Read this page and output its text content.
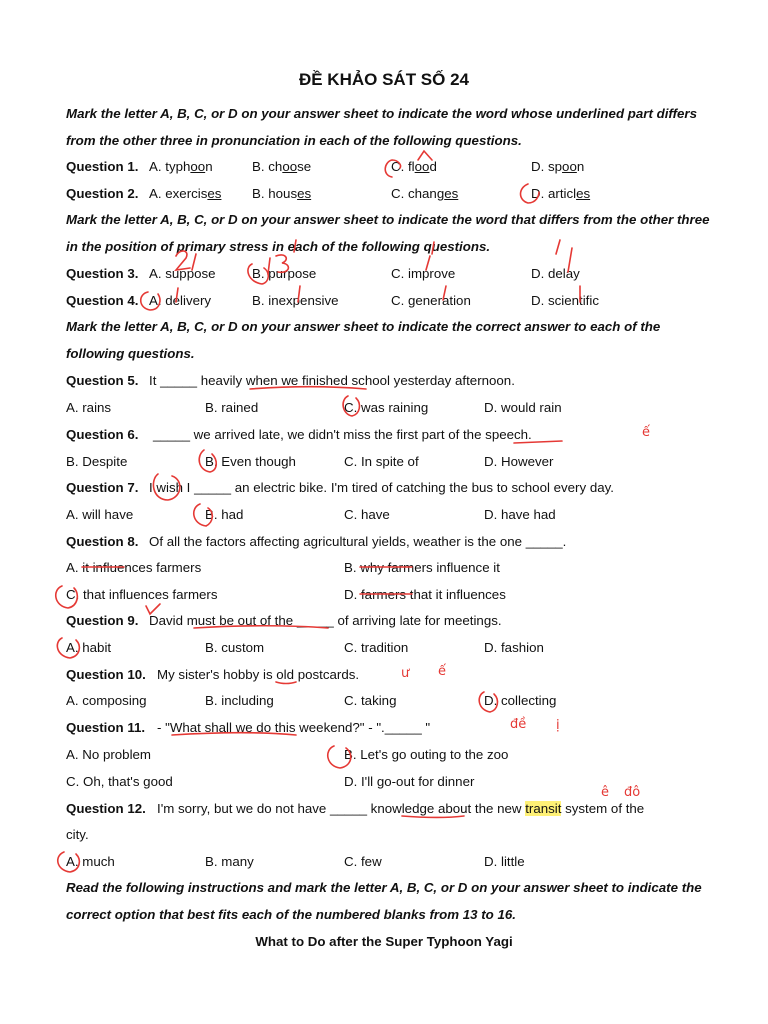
ĐỀ KHẢO SÁT SỐ 24

Mark the letter A, B, C, or D on your answer sheet to indicate the word whose underlined part differs from the other three in pronunciation in each of the following questions.

Question 1. A. typhoon	B. choose	C. flood	D. spoon
Question 2. A. exercises B. houses	C. changes	D. articles

Mark the letter A, B, C, or D on your answer sheet to indicate the word that differs from the other three in the position of primary stress in each of the following questions.

Question 3. A. suppose	B. purpose	C. improve	D. delay
Question 4. A. delivery	B. inexpensive	C. generation	D. scientific

Mark the letter A, B, C, or D on your answer sheet to indicate the correct answer to each of the following questions.

Question 5. It _____ heavily when we finished school yesterday afternoon.
A. rains	B. rained	C. was raining	D. would rain
Question 6. _____ we arrived late, we didn't miss the first part of the speech.
B. Despite	B. Even though	C. In spite of	D. However
Question 7. I wish I _____ an electric bike. I'm tired of catching the bus to school every day.
A. will have	B. had	C. have	D. have had
Question 8. Of all the factors affecting agricultural yields, weather is the one _____.
A. it influences farmers	B. why farmers influence it
C. that influences farmers	D. farmers that it influences
Question 9. David must be out of the _____ of arriving late for meetings.
A. habit	B. custom	C. tradition	D. fashion
Question 10. My sister's hobby is old postcards.
A. composing	B. including	C. taking	D. collecting
Question 11. - "What shall we do this weekend?" - "._____ "
A. No problem	B. Let's go outing to the zoo
C. Oh, that's good	D. I'll go-out for dinner
Question 12. I'm sorry, but we do not have _____ knowledge about the new transit system of the
city.
A. much	B. many	C. few	D. little

Read the following instructions and mark the letter A, B, C, or D on your answer sheet to indicate the correct option that best fits each of the numbered blanks from 13 to 16.

What to Do after the Super Typhoon Yagi
ế
ư ế
đề ị
ê đô
